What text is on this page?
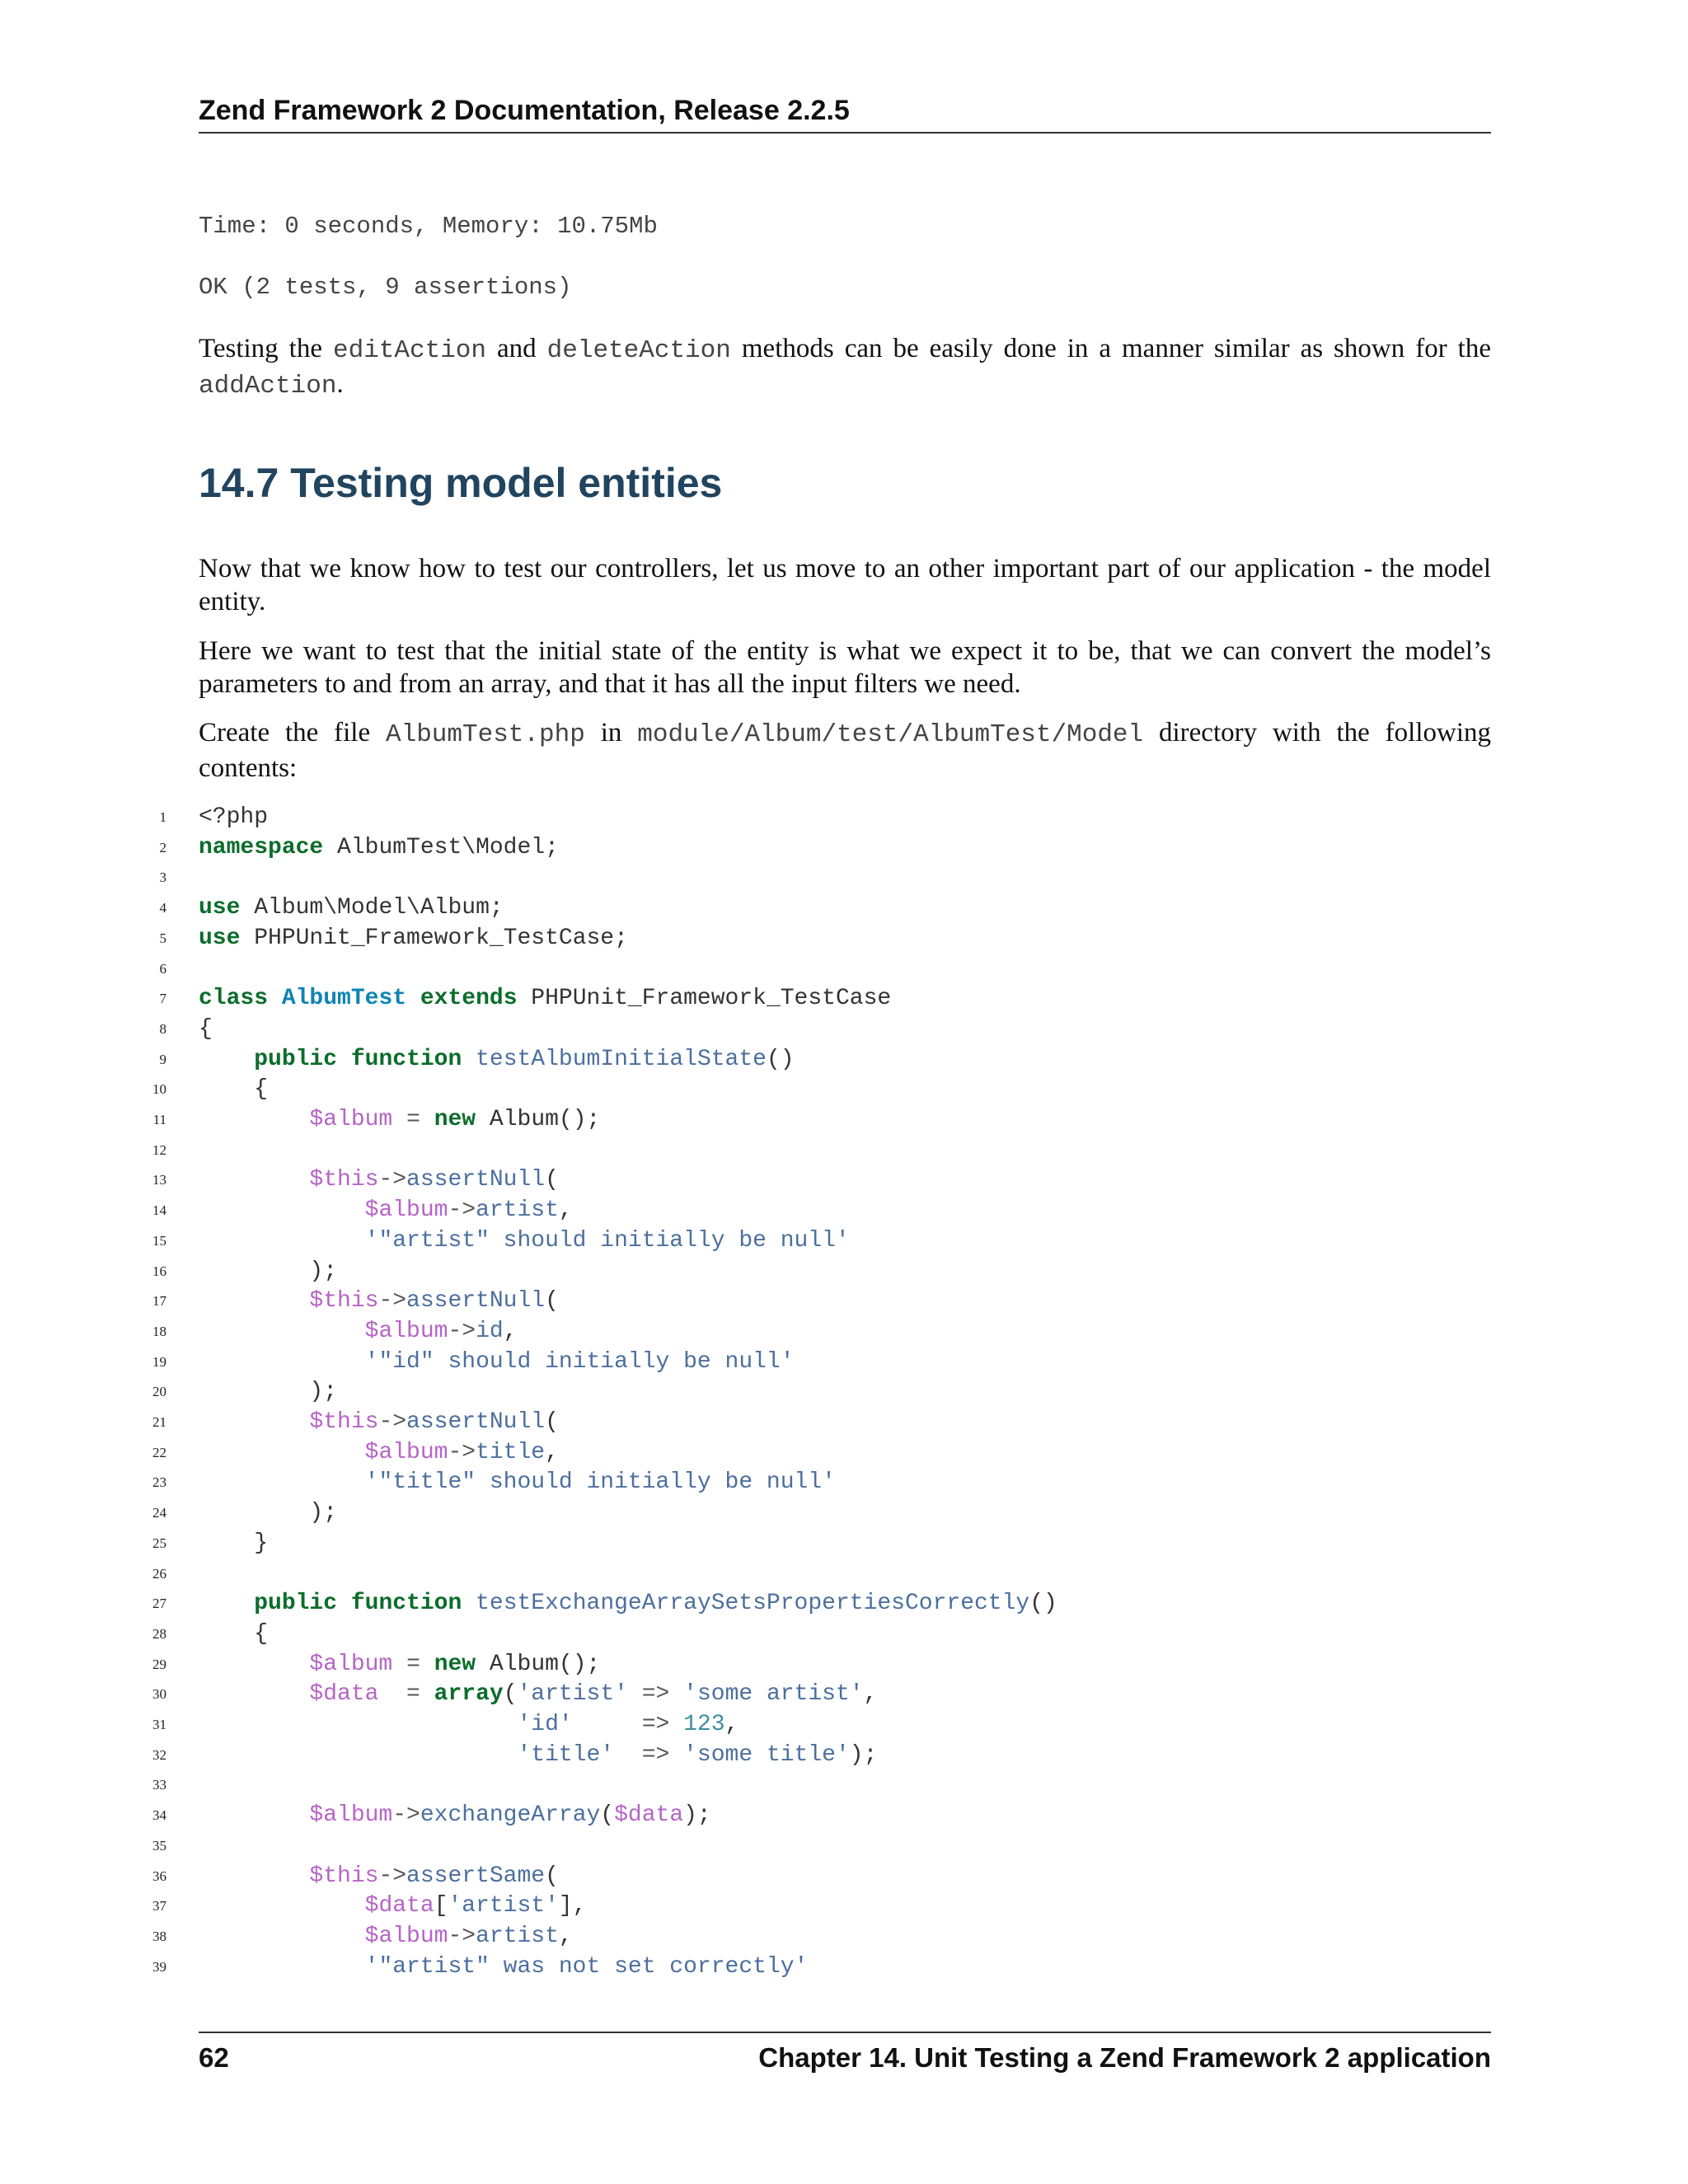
Zend Framework 2 Documentation, Release 2.2.5
Time: 0 seconds, Memory: 10.75Mb
OK (2 tests, 9 assertions)
Testing the editAction and deleteAction methods can be easily done in a manner similar as shown for the addAction.
14.7 Testing model entities
Now that we know how to test our controllers, let us move to an other important part of our application - the model entity.
Here we want to test that the initial state of the entity is what we expect it to be, that we can convert the model’s parameters to and from an array, and that it has all the input filters we need.
Create the file AlbumTest.php in module/Album/test/AlbumTest/Model directory with the following contents:
1 <?php
2 namespace AlbumTest\Model;
3
4 use Album\Model\Album;
5 use PHPUnit_Framework_TestCase;
6
7 class AlbumTest extends PHPUnit_Framework_TestCase
8 {
9	public function testAlbumInitialState()
10 {
11	$album = new Album();
12
13	$this->assertNull(
14	$album->artist,
15	'"artist" should initially be null'
16 );
17	$this->assertNull(
18	$album->id,
19	'"id" should initially be null'
20 );
21	$this->assertNull(
22	$album->title,
23	'"title" should initially be null'
24 );
25 }
26
27	public function testExchangeArraySetsPropertiesCorrectly()
28 {
29	$album = new Album();
30	$data = array('artist' => 'some artist',
31	'id'	=> 123,
32	'title' => 'some title');
33
34	$album->exchangeArray($data);
35
36	$this->assertSame(
37	$data['artist'],
38	$album->artist,
39	'"artist" was not set correctly'
62	Chapter 14. Unit Testing a Zend Framework 2 application
